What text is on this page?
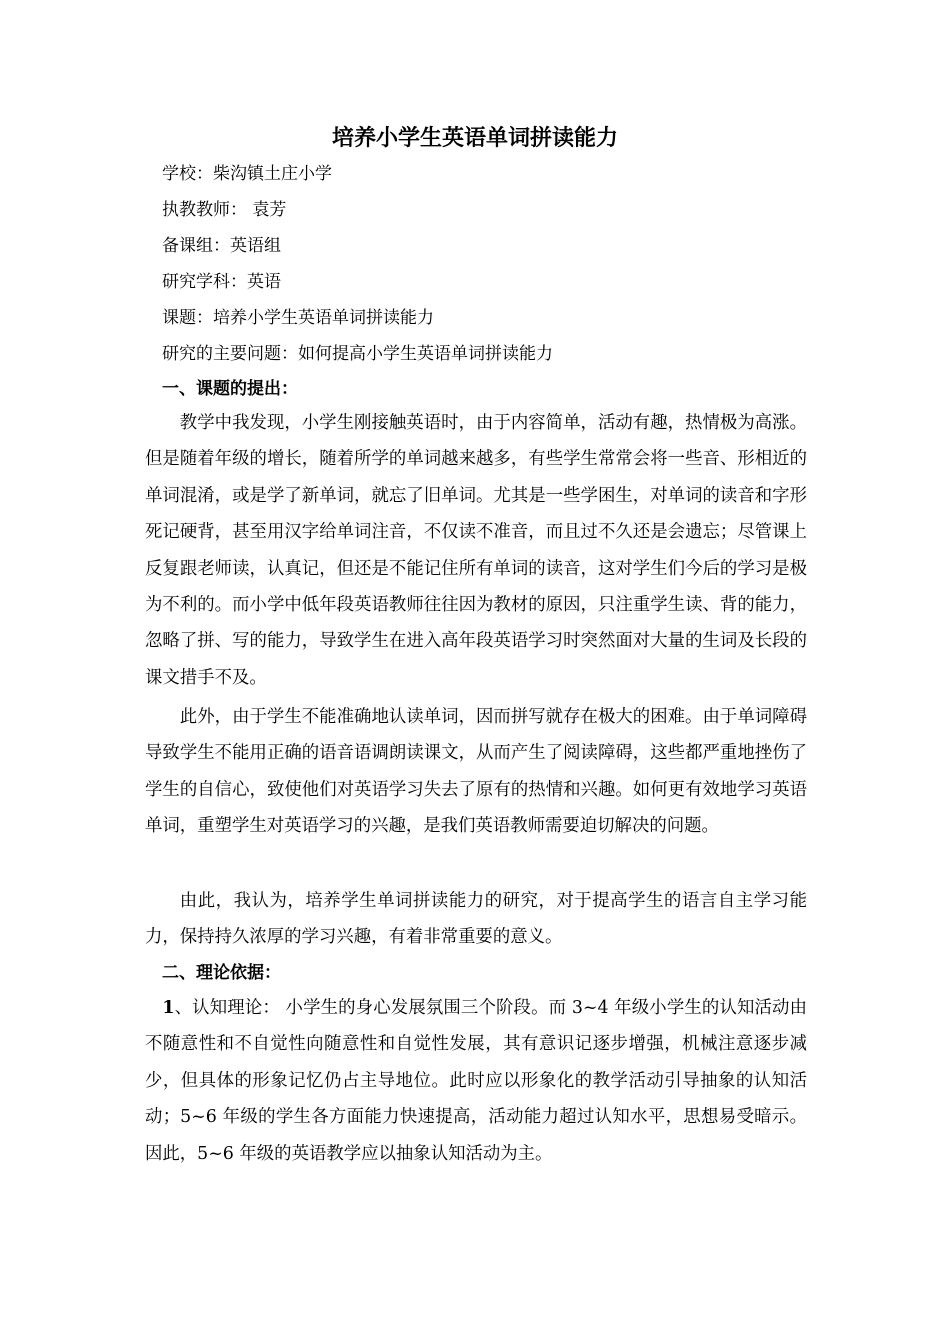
培养小学生英语单词拼读能力
学校：柴沟镇土庄小学
执教教师： 袁芳
备课组：英语组
研究学科：英语
课题：培养小学生英语单词拼读能力
研究的主要问题：如何提高小学生英语单词拼读能力
一、课题的提出：

教学中我发现，小学生刚接触英语时，由于内容简单，活动有趣，热情极为高涨。但是随着年级的增长，随着所学的单词越来越多，有些学生常常会将一些音、形相近的单词混淆，或是学了新单词，就忘了旧单词。尤其是一些学困生，对单词的读音和字形死记硬背，甚至用汉字给单词注音，不仅读不准音，而且过不久还是会遗忘；尽管课上反复跟老师读，认真记，但还是不能记住所有单词的读音，这对学生们今后的学习是极为不利的。而小学中低年段英语教师往往因为教材的原因，只注重学生读、背的能力，忽略了拼、写的能力，导致学生在进入高年段英语学习时突然面对大量的生词及长段的课文措手不及。

此外，由于学生不能准确地认读单词，因而拼写就存在极大的困难。由于单词障碍导致学生不能用正确的语音语调朗读课文，从而产生了阅读障碍，这些都严重地挫伤了学生的自信心，致使他们对英语学习失去了原有的热情和兴趣。如何更有效地学习英语单词，重塑学生对英语学习的兴趣，是我们英语教师需要迫切解决的问题。

由此，我认为，培养学生单词拼读能力的研究，对于提高学生的语言自主学习能力，保持持久浓厚的学习兴趣，有着非常重要的意义。

二、理论依据：

1、认知理论： 小学生的身心发展氛围三个阶段。而 3~4 年级小学生的认知活动由不随意性和不自觉性向随意性和自觉性发展，其有意识记逐步增强，机械注意逐步减少，但具体的形象记忆仍占主导地位。此时应以形象化的教学活动引导抽象的认知活动；5~6 年级的学生各方面能力快速提高，活动能力超过认知水平，思想易受暗示。因此，5~6 年级的英语教学应以抽象认知活动为主。
